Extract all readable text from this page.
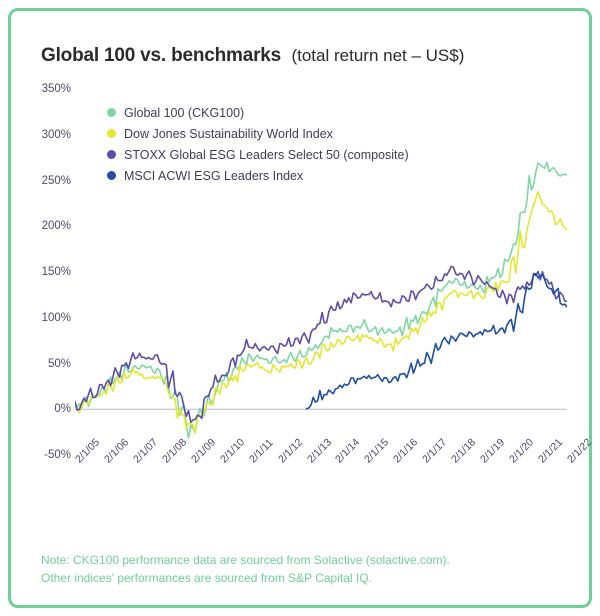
Global 100 vs. benchmarks (total return net – US$)
-50%
0%
50%
100%
150%
200%
250%
300%
350%
2/1/05 2/1/06 2/1/07 2/1/08 2/1/09 2/1/10 2/1/11 2/1/12 2/1/13 2/1/14 2/1/15 2/1/16 2/1/17 2/1/18 2/1/19 2/1/20 2/1/21 2/1/22
Global 100 (CKG100)
Dow Jones Sustainability World Index
STOXX Global ESG Leaders Select 50 (composite)
MSCI ACWI ESG Leaders Index
Note: CKG100 performance data are sourced from Solactive (solactive.com).
Other indices' performances are sourced from S&P Capital IQ.
